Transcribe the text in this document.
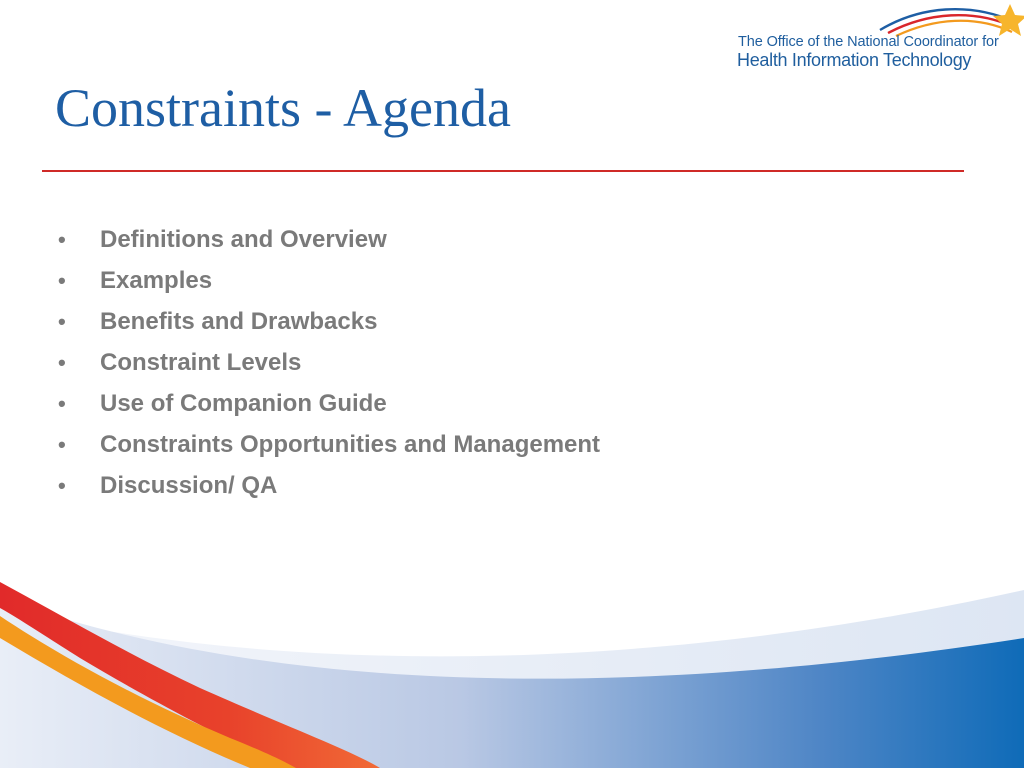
The Office of the National Coordinator for
Health Information Technology
Constraints - Agenda
•	Definitions and Overview
•	Examples
•	Benefits and Drawbacks
•	Constraint Levels
•	Use of Companion Guide
•	Constraints Opportunities and Management
•	Discussion/ QA
